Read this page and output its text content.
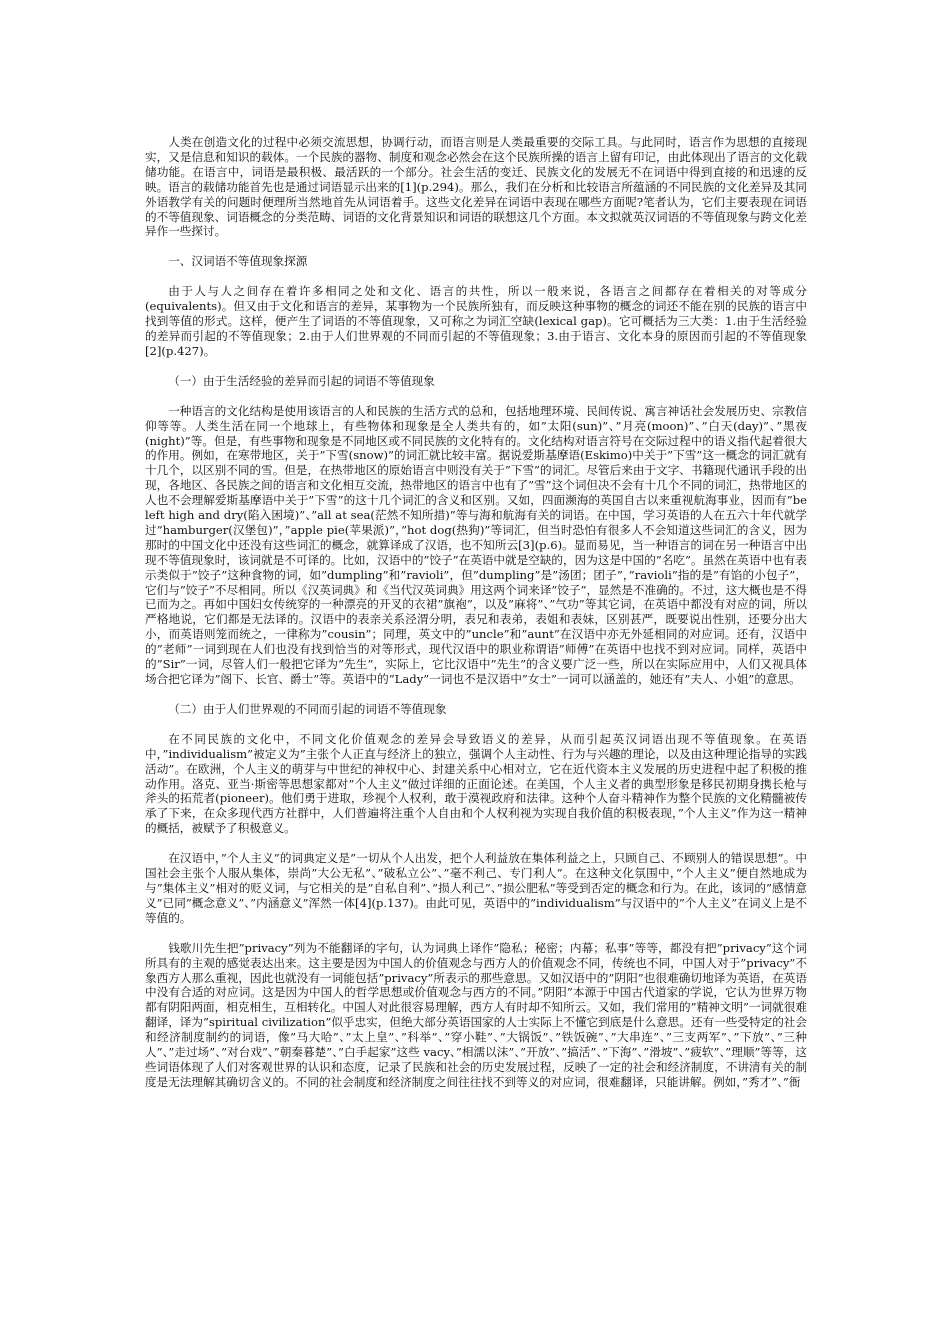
人类在创造文化的过程中必须交流思想，协调行动，而语言则是人类最重要的交际工具。与此同时，语言作为思想的直接现实，又是信息和知识的载体。一个民族的器物、制度和观念必然会在这个民族所操的语言上留有印记，由此体现出了语言的文化载储功能。在语言中，词语是最积极、最活跃的一个部分。社会生活的变迁、民族文化的发展无不在词语中得到直接的和迅速的反映。语言的载储功能首先也是通过词语显示出来的[1](p.294)。那么，我们在分析和比较语言所蕴涵的不同民族的文化差异及其同外语教学有关的问题时便理所当然地首先从词语着手。这些文化差异在词语中表现在哪些方面呢?笔者认为，它们主要表现在词语的不等值现象、词语概念的分类范畴、词语的文化背景知识和词语的联想这几个方面。本文拟就英汉词语的不等值现象与跨文化差异作一些探讨。

一、汉词语不等值现象探源

由于人与人之间存在着许多相同之处和文化、语言的共性，所以一般来说，各语言之间都存在着相关的对等成分(equivalents)。但又由于文化和语言的差异，某事物为一个民族所独有，而反映这种事物的概念的词还不能在别的民族的语言中找到等值的形式。这样，便产生了词语的不等值现象，又可称之为词汇空缺(lexical gap)。它可概括为三大类：1.由于生活经验的差异而引起的不等值现象；2.由于人们世界观的不同而引起的不等值现象；3.由于语言、文化本身的原因而引起的不等值现象[2](p.427)。

（一）由于生活经验的差异而引起的词语不等值现象

一种语言的文化结构是使用该语言的人和民族的生活方式的总和，包括地理环境、民间传说、寓言神话社会发展历史、宗教信仰等等。人类生活在同一个地球上，有些物体和现象是全人类共有的，如”太阳(sun)”、”月亮(moon)”、”白天(day)”、”黑夜(night)”等。但是，有些事物和现象是不同地区或不同民族的文化特有的。文化结构对语言符号在交际过程中的语义指代起着很大的作用。例如，在寒带地区，关于”下雪(snow)”的词汇就比较丰富。据说爱斯基摩语(Eskimo)中关于”下雪”这一概念的词汇就有十几个，以区别不同的雪。但是，在热带地区的原始语言中则没有关于”下雪”的词汇。尽管后来由于文字、书籍现代通讯手段的出现，各地区、各民族之间的语言和文化相互交流，热带地区的语言中也有了”雪”这个词但决不会有十几个不同的词汇，热带地区的人也不会理解爱斯基摩语中关于”下雪”的这十几个词汇的含义和区别。又如，四面濒海的英国自古以来重视航海事业，因而有”be left high and dry(陷入困境)”、”all at sea(茫然不知所措)”等与海和航海有关的词语。在中国，学习英语的人在五六十年代就学过”hamburger(汉堡包)”，”apple pie(苹果派)”，”hot dog(热狗)”等词汇，但当时恐怕有很多人不会知道这些词汇的含义，因为那时的中国文化中还没有这些词汇的概念，就算译成了汉语，也不知所云[3](p.6)。显而易见，当一种语言的词在另一种语言中出现不等值现象时，该词就是不可译的。比如，汉语中的”饺子”在英语中就是空缺的，因为这是中国的”名吃”。虽然在英语中也有表示类似于”饺子”这种食物的词，如”dumpling”和”ravioli”，但”dumpling”是”汤团；团子”，”ravioli”指的是”有馅的小包子”，它们与”饺子”不尽相同。所以《汉英词典》和《当代汉英词典》用这两个词来译”饺子”，显然是不准确的。不过，这大概也是不得已而为之。再如中国妇女传统穿的一种漂亮的开叉的衣裙”旗袍”，以及”麻将”、”气功”等其它词，在英语中都没有对应的词，所以严格地说，它们都是无法译的。汉语中的表亲关系泾渭分明，表兄和表弟，表姐和表妹，区别甚严，既要说出性别，还要分出大小，而英语则笼而统之，一律称为”cousin”；同理，英文中的”uncle”和”aunt”在汉语中亦无外延相同的对应词。还有，汉语中的”老师”一词到现在人们也没有找到恰当的对等形式，现代汉语中的职业称谓语”师傅”在英语中也找不到对应词。同样，英语中的”Sir”一词，尽管人们一般把它译为”先生”，实际上，它比汉语中”先生”的含义要广泛一些，所以在实际应用中，人们又视具体场合把它译为”阁下、长官、爵士”等。英语中的”Lady”一词也不是汉语中”女士”一词可以涵盖的，她还有”夫人、小姐”的意思。

（二）由于人们世界观的不同而引起的词语不等值现象

在不同民族的文化中，不同文化价值观念的差异会导致语义的差异，从而引起英汉词语出现不等值现象。在英语中，”individualism”被定义为”主张个人正直与经济上的独立，强调个人主动性、行为与兴趣的理论，以及由这种理论指导的实践活动”。在欧洲，个人主义的萌芽与中世纪的神权中心、封建关系中心相对立，它在近代资本主义发展的历史进程中起了积极的推动作用。洛克、亚当·斯密等思想家都对”个人主义”做过详细的正面论述。在美国，个人主义者的典型形象是移民初期身携长枪与斧头的拓荒者(pioneer)。他们勇于进取，珍视个人权利，敢于漠视政府和法律。这种个人奋斗精神作为整个民族的文化精髓被传承了下来，在众多现代西方社群中，人们普遍将注重个人自由和个人权利视为实现自我价值的积极表现，”个人主义”作为这一精神的概括，被赋予了积极意义。

在汉语中，”个人主义”的词典定义是”一切从个人出发，把个人利益放在集体利益之上，只顾自己、不顾别人的错误思想”。中国社会主张个人服从集体，崇尚”大公无私”、”破私立公”、”毫不利己、专门利人”。在这种文化氛围中，”个人主义”便自然地成为与”集体主义”相对的贬义词，与它相关的是”自私自利”、”损人利己”、”损公肥私”等受到否定的概念和行为。在此，该词的”感情意义”已同”概念意义”、”内涵意义”浑然一体[4](p.137)。由此可见，英语中的”individualism”与汉语中的”个人主义”在词义上是不等值的。

钱歌川先生把”privacy”列为不能翻译的字句，认为词典上译作”隐私；秘密；内幕；私事”等等，都没有把”privacy”这个词所具有的主观的感觉表达出来。这主要是因为中国人的价值观念与西方人的价值观念不同，传统也不同，中国人对于”privacy”不象西方人那么重视，因此也就没有一词能包括”privacy”所表示的那些意思。又如汉语中的”阴阳”也很难确切地译为英语，在英语中没有合适的对应词。这是因为中国人的哲学思想或价值观念与西方的不同。”阴阳”本源于中国古代道家的学说，它认为世界万物都有阴阳两面，相克相生，互相转化。中国人对此很容易理解，西方人有时却不知所云。又如，我们常用的”精神文明”一词就很难翻译，译为”spiritual civilization”似乎忠实，但绝大部分英语国家的人士实际上不懂它到底是什么意思。还有一些受特定的社会和经济制度制约的词语，像”马大哈”、”太上皇”、”科举”、”穿小鞋”、”大锅饭”、”铁饭碗”、”大串连”、”三支两军”、”下放”、”三种人”、”走过场”、”对台戏”、”朝秦暮楚”、”白手起家”这些 vacy、”相濡以沫”、”开放”、”搞活”、”下海”、”滑坡”、”疲软”、”理顺”等等，这些词语体现了人们对客观世界的认识和态度，记录了民族和社会的历史发展过程，反映了一定的社会和经济制度，不讲清有关的制度是无法理解其确切含义的。不同的社会制度和经济制度之间往往找不到等义的对应词，很难翻译，只能讲解。例如，”秀才”、”衙
